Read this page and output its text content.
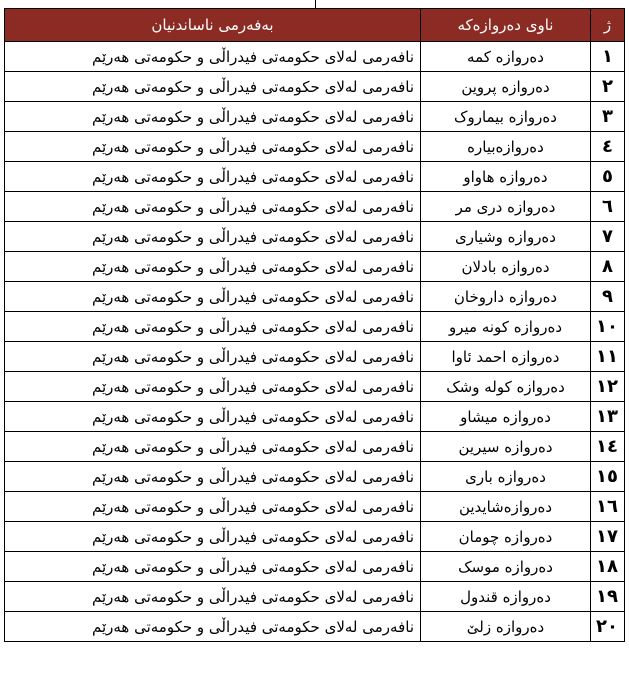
ژ	ناوی دەروازەکە	بەفەرمی ناساندنیان
١	دەروازە کمە	نافەرمی لەلای حکومەتی فیدراڵی و حکومەتی هەرێم
٢	دەروازە پروین	نافەرمی لەلای حکومەتی فیدراڵی و حکومەتی هەرێم
٣	دەروازە بیماروک	نافەرمی لەلای حکومەتی فیدراڵی و حکومەتی هەرێم
٤	دەروازەبیارە	نافەرمی لەلای حکومەتی فیدراڵی و حکومەتی هەرێم
٥	دەروازە هاواو	نافەرمی لەلای حکومەتی فیدراڵی و حکومەتی هەرێم
٦	دەروازە دری مر	نافەرمی لەلای حکومەتی فیدراڵی و حکومەتی هەرێم
٧	دەروازە وشیاری	نافەرمی لەلای حکومەتی فیدراڵی و حکومەتی هەرێم
٨	دەروازە بادلان	نافەرمی لەلای حکومەتی فیدراڵی و حکومەتی هەرێم
٩	دەروازە داروخان	نافەرمی لەلای حکومەتی فیدراڵی و حکومەتی هەرێم
١٠	دەروازە کونە میرو	نافەرمی لەلای حکومەتی فیدراڵی و حکومەتی هەرێم
١١	دەروازە احمد ئاوا	نافەرمی لەلای حکومەتی فیدراڵی و حکومەتی هەرێم
١٢	دەروازە کولە وشک	نافەرمی لەلای حکومەتی فیدراڵی و حکومەتی هەرێم
١٣	دەروازە میشاو	نافەرمی لەلای حکومەتی فیدراڵی و حکومەتی هەرێم
١٤	دەروازە سیرین	نافەرمی لەلای حکومەتی فیدراڵی و حکومەتی هەرێم
١٥	دەروازە باری	نافەرمی لەلای حکومەتی فیدراڵی و حکومەتی هەرێم
١٦	دەروازەشایدین	نافەرمی لەلای حکومەتی فیدراڵی و حکومەتی هەرێم
١٧	دەروازە چومان	نافەرمی لەلای حکومەتی فیدراڵی و حکومەتی هەرێم
١٨	دەروازە موسک	نافەرمی لەلای حکومەتی فیدراڵی و حکومەتی هەرێم
١٩	دەروازە قندول	نافەرمی لەلای حکومەتی فیدراڵی و حکومەتی هەرێم
٢٠	دەروازە زلێ	نافەرمی لەلای حکومەتی فیدراڵی و حکومەتی هەرێم
